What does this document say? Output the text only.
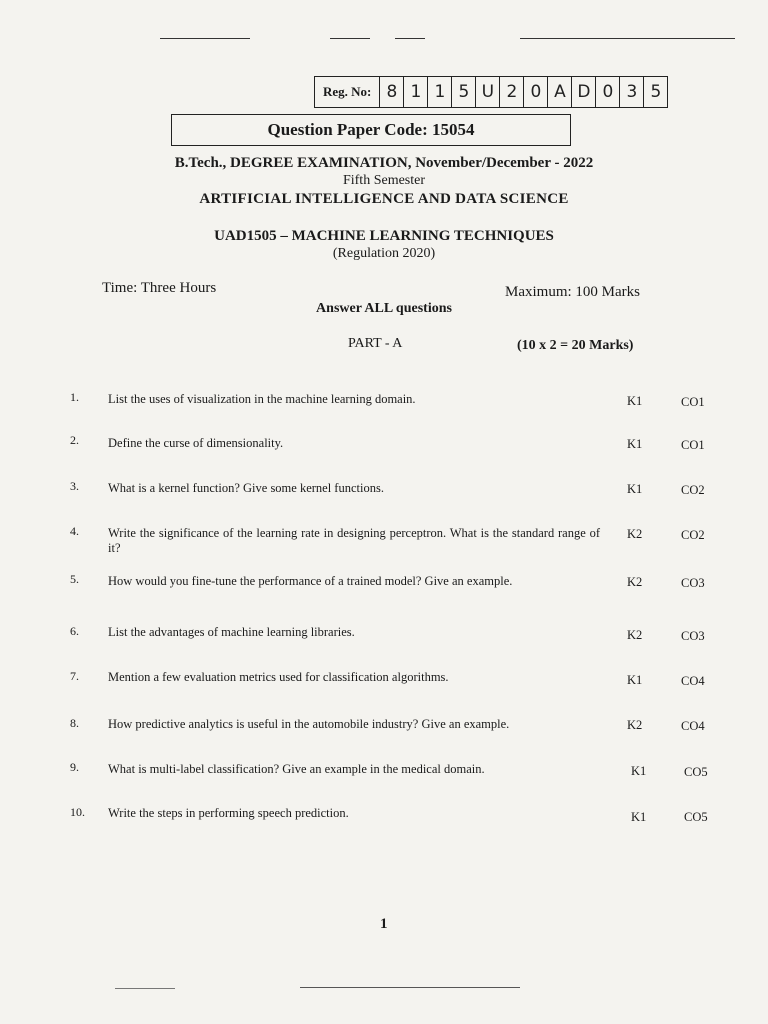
Reg. No: 8 1 1 5 U 2 0 A D 0 3 5
Question Paper Code: 15054
B.Tech., DEGREE EXAMINATION, November/December - 2022
Fifth Semester
ARTIFICIAL INTELLIGENCE AND DATA SCIENCE
UAD1505 – MACHINE LEARNING TECHNIQUES
(Regulation 2020)
Time: Three Hours	Maximum: 100 Marks
Answer ALL questions
PART - A	(10 x 2 = 20 Marks)
1. List the uses of visualization in the machine learning domain.	K1	CO1
2. Define the curse of dimensionality.	K1	CO1
3. What is a kernel function? Give some kernel functions.	K1	CO2
4. Write the significance of the learning rate in designing perceptron. What is the standard range of it?
K2	CO2
5. How would you fine-tune the performance of a trained model? Give an example.	K2	CO3
6. List the advantages of machine learning libraries.	K2	CO3
7. Mention a few evaluation metrics used for classification algorithms.	K1	CO4
8. How predictive analytics is useful in the automobile industry? Give an example.	K2	CO4
9. What is multi-label classification? Give an example in the medical domain.	K1	CO5
10. Write the steps in performing speech prediction.	K1	CO5
1
